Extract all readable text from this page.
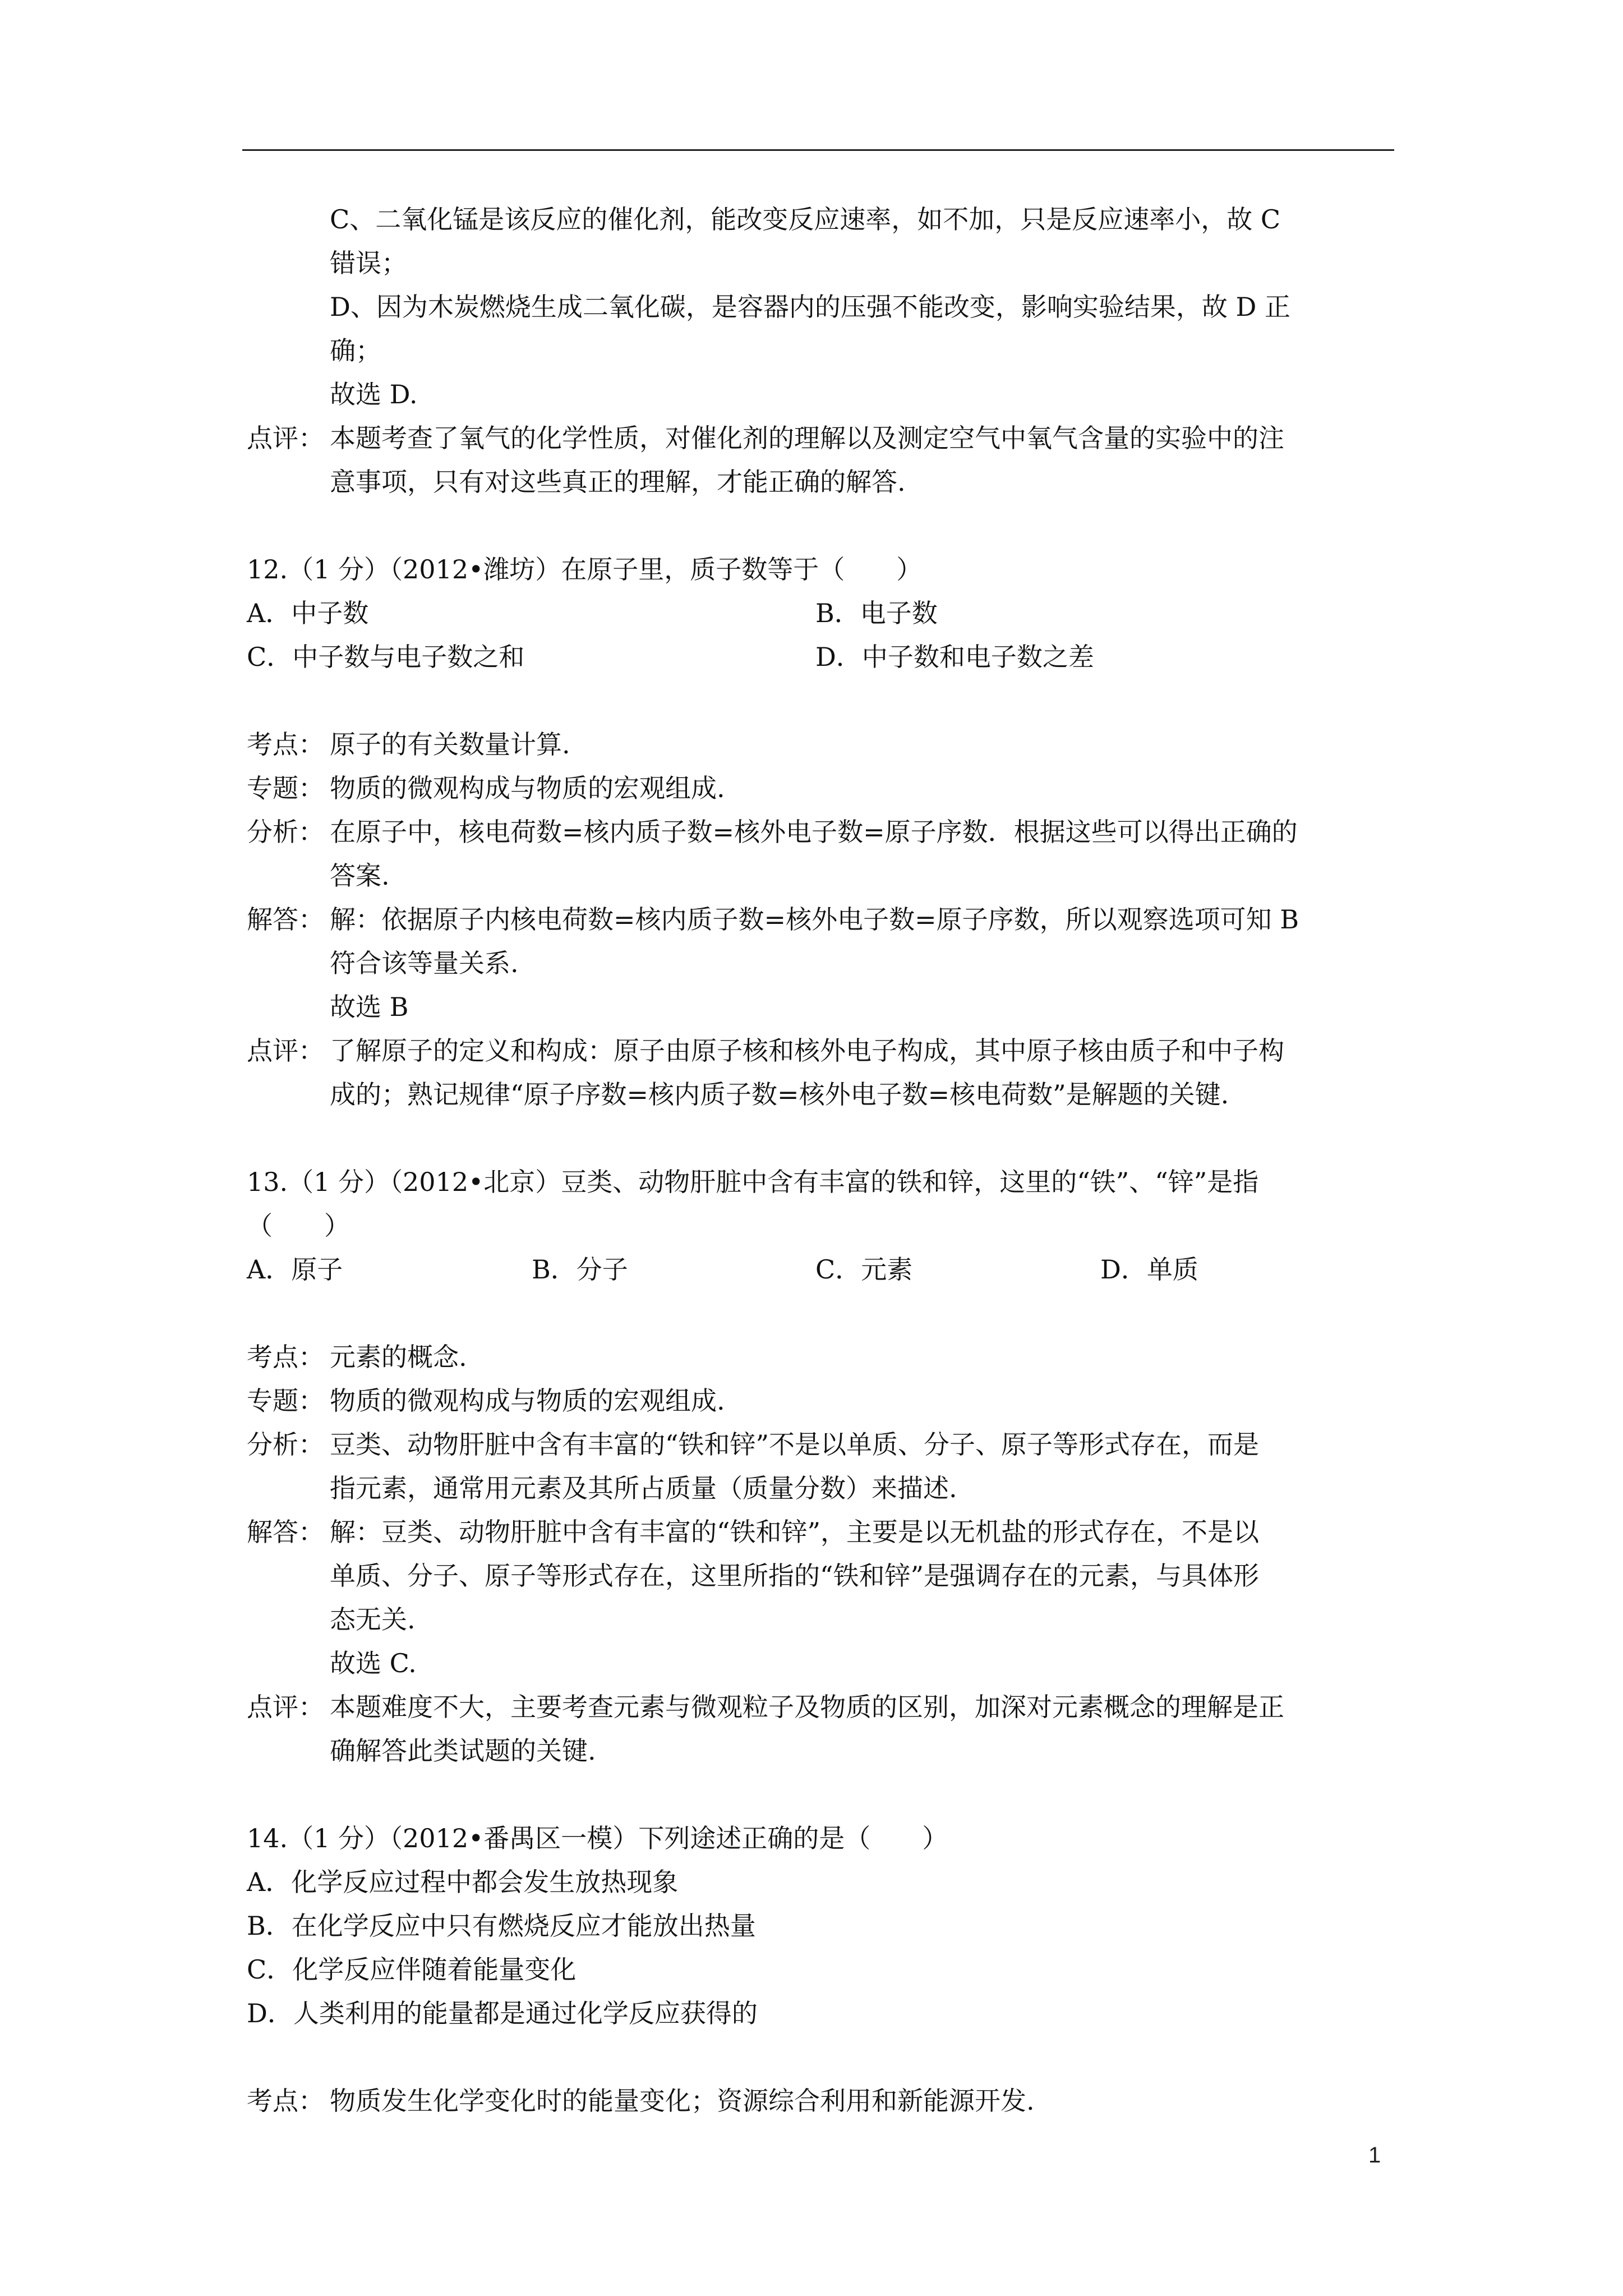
C、二氧化锰是该反应的催化剂，能改变反应速率，如不加，只是反应速率小，故 C

错误；

D、因为木炭燃烧生成二氧化碳，是容器内的压强不能改变，影响实验结果，故 D 正

确；

故选 D.

点评： 本题考查了氧气的化学性质，对催化剂的理解以及测定空气中氧气含量的实验中的注

意事项，只有对这些真正的理解，才能正确的解答.

12.（1 分）（2012•潍坊）在原子里，质子数等于（　　）

A．中子数	B．电子数
C．中子数与电子数之和	D．中子数和电子数之差
考点： 原子的有关数量计算.

专题： 物质的微观构成与物质的宏观组成.

分析： 在原子中，核电荷数=核内质子数=核外电子数=原子序数．根据这些可以得出正确的

答案.

解答： 解：依据原子内核电荷数=核内质子数=核外电子数=原子序数，所以观察选项可知 B

符合该等量关系.

故选 B

点评： 了解原子的定义和构成：原子由原子核和核外电子构成，其中原子核由质子和中子构

成的；熟记规律“原子序数=核内质子数=核外电子数=核电荷数”是解题的关键.

13.（1 分）（2012•北京）豆类、动物肝脏中含有丰富的铁和锌，这里的“铁”、“锌”是指

（　　）

A．原子	B．分子	C．元素	D．单质
考点： 元素的概念.

专题： 物质的微观构成与物质的宏观组成.

分析： 豆类、动物肝脏中含有丰富的“铁和锌”不是以单质、分子、原子等形式存在，而是

指元素，通常用元素及其所占质量（质量分数）来描述.

解答： 解：豆类、动物肝脏中含有丰富的“铁和锌”，主要是以无机盐的形式存在，不是以

单质、分子、原子等形式存在，这里所指的“铁和锌”是强调存在的元素，与具体形

态无关.

故选 C.

点评： 本题难度不大，主要考查元素与微观粒子及物质的区别，加深对元素概念的理解是正

确解答此类试题的关键.

14.（1 分）（2012•番禺区一模）下列途述正确的是（　　）

A．化学反应过程中都会发生放热现象

B．在化学反应中只有燃烧反应才能放出热量

C．化学反应伴随着能量变化

D．人类利用的能量都是通过化学反应获得的

考点： 物质发生化学变化时的能量变化；资源综合利用和新能源开发.

1
